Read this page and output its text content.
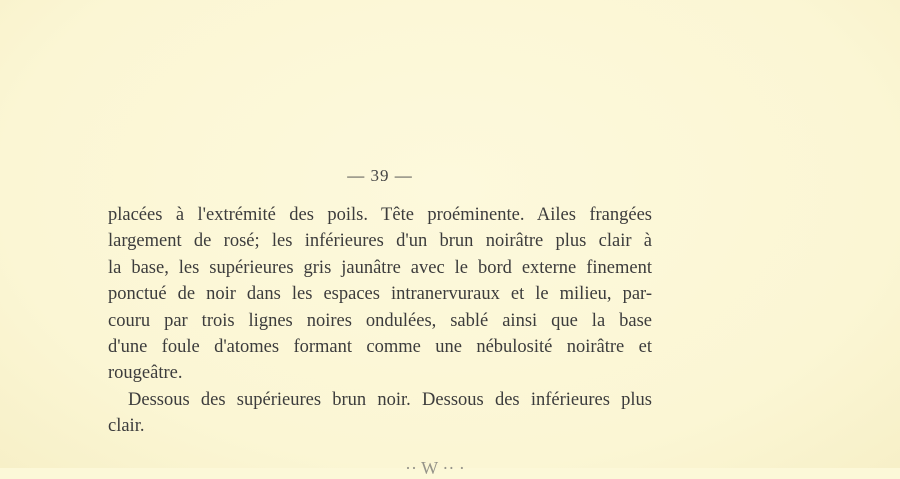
— 39 —
placées à l'extrémité des poils. Tête proéminente. Ailes frangées
largement de rosé; les inférieures d'un brun noirâtre plus clair à
la base, les supérieures gris jaunâtre avec le bord externe finement
ponctué de noir dans les espaces intranervuraux et le milieu, par-
couru par trois lignes noires ondulées, sablé ainsi que la base
d'une foule d'atomes formant comme une nébulosité noirâtre et
rougeâtre.
Dessous des supérieures brun noir. Dessous des inférieures plus
clair.
·· W ·· ·
